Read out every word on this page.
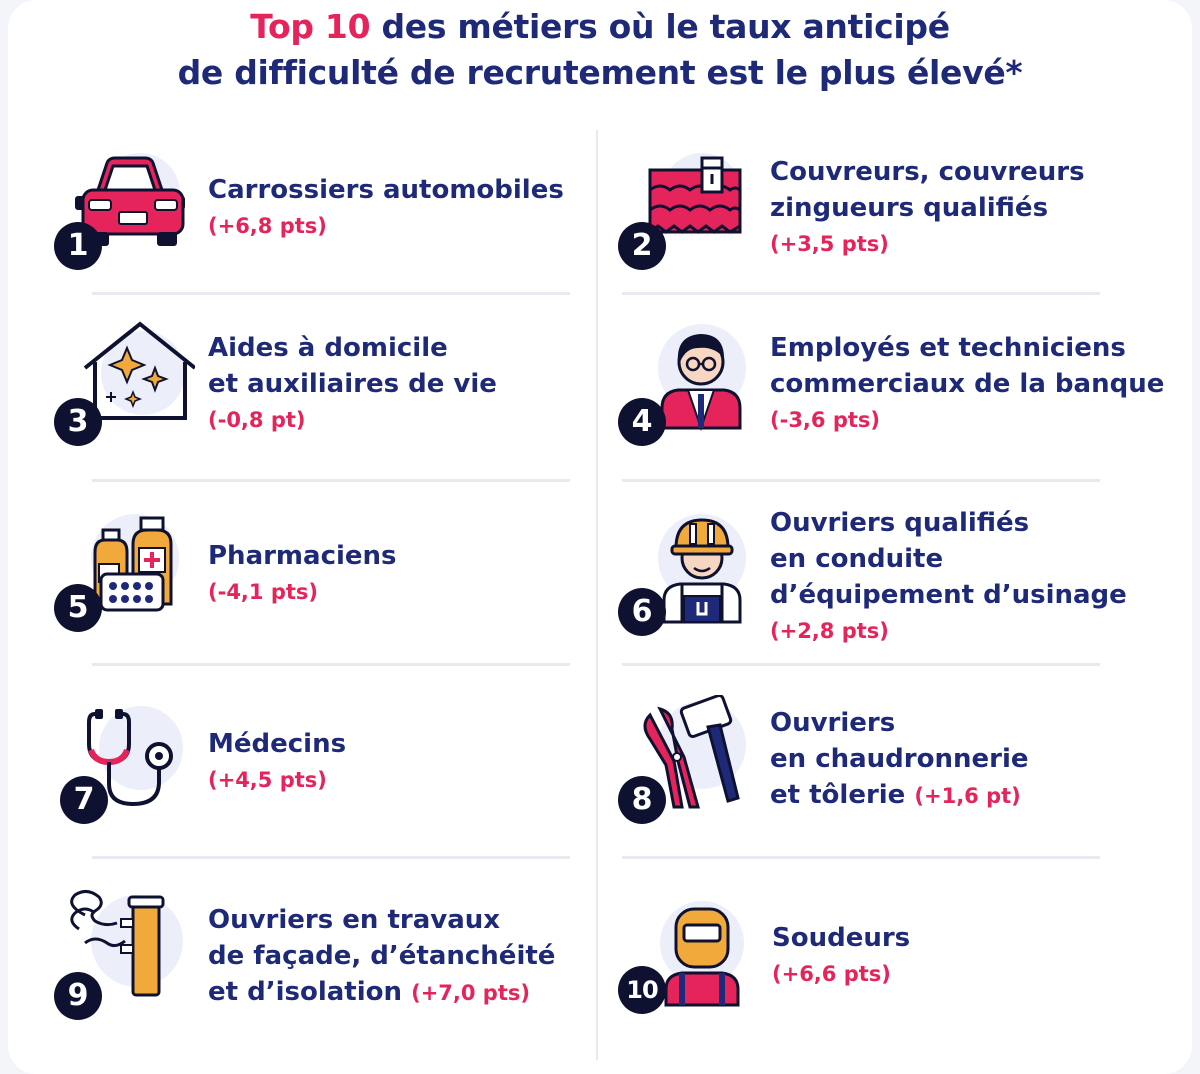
Top 10 des métiers où le taux anticipé
de difficulté de recrutement est le plus élevé*
1
Carrossiers automobiles
(+6,8 pts)
2
Couvreurs, couvreurs
zingueurs qualifiés
(+3,5 pts)
3
Aides à domicile
et auxiliaires de vie
(-0,8 pt)	4
Employés et techniciens
commerciaux de la banque
(-3,6 pts)
5
Pharmaciens
(-4,1 pts)
6
Ouvriers qualifiés
en conduite
d’équipement d’usinage
(+2,8 pts)
7
Médecins
(+4,5 pts)
8
Ouvriers
en chaudronnerie
et tôlerie (+1,6 pt)
9
Ouvriers en travaux
de façade, d’étanchéité
et d’isolation (+7,0 pts)	10
Soudeurs
(+6,6 pts)
